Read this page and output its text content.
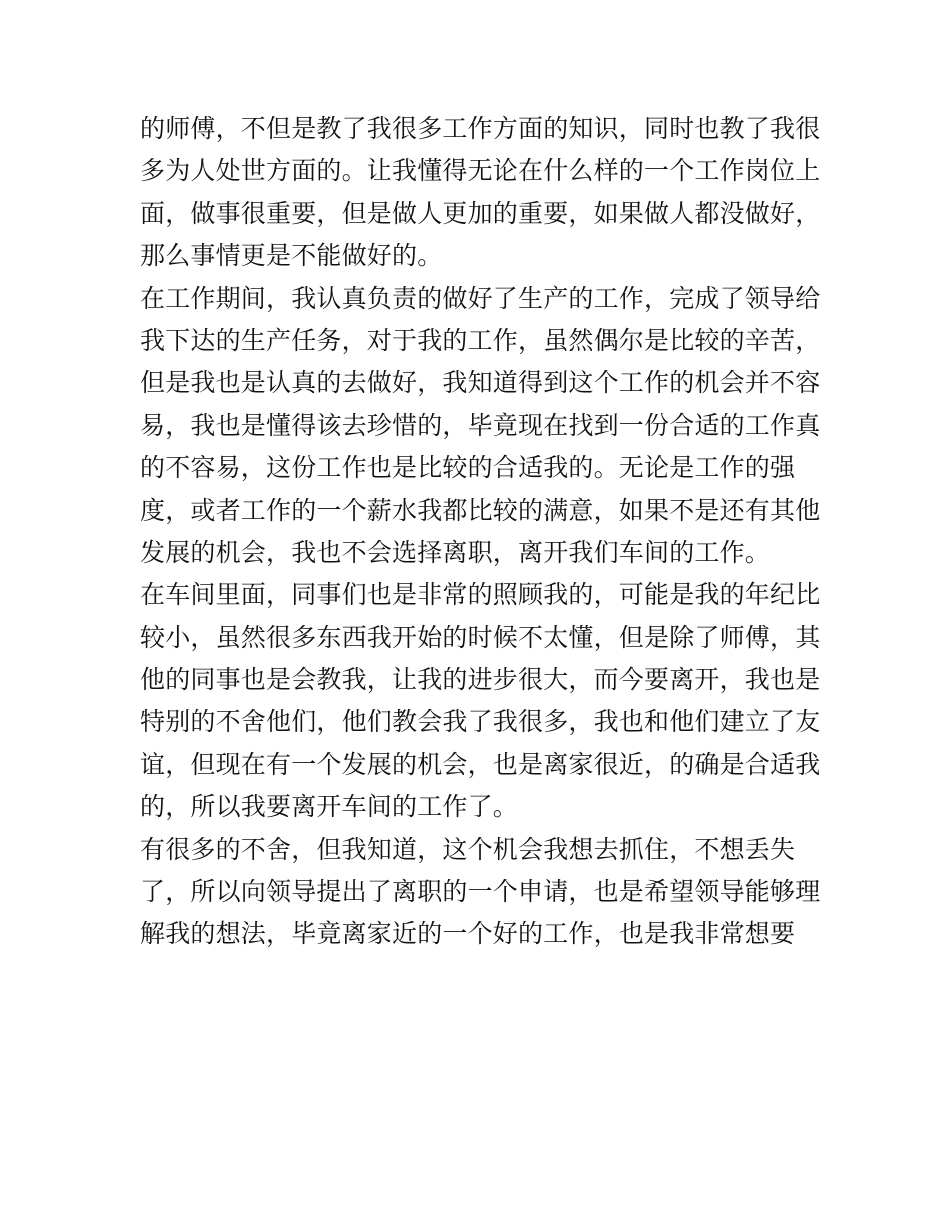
的师傅，不但是教了我很多工作方面的知识，同时也教了我很
多为人处世方面的。让我懂得无论在什么样的一个工作岗位上
面，做事很重要，但是做人更加的重要，如果做人都没做好，
那么事情更是不能做好的。
在工作期间，我认真负责的做好了生产的工作，完成了领导给
我下达的生产任务，对于我的工作，虽然偶尔是比较的辛苦，
但是我也是认真的去做好，我知道得到这个工作的机会并不容
易，我也是懂得该去珍惜的，毕竟现在找到一份合适的工作真
的不容易，这份工作也是比较的合适我的。无论是工作的强
度，或者工作的一个薪水我都比较的满意，如果不是还有其他
发展的机会，我也不会选择离职，离开我们车间的工作。
在车间里面，同事们也是非常的照顾我的，可能是我的年纪比
较小，虽然很多东西我开始的时候不太懂，但是除了师傅，其
他的同事也是会教我，让我的进步很大，而今要离开，我也是
特别的不舍他们，他们教会我了我很多，我也和他们建立了友
谊，但现在有一个发展的机会，也是离家很近，的确是合适我
的，所以我要离开车间的工作了。
有很多的不舍，但我知道，这个机会我想去抓住，不想丢失
了，所以向领导提出了离职的一个申请，也是希望领导能够理
解我的想法，毕竟离家近的一个好的工作，也是我非常想要
